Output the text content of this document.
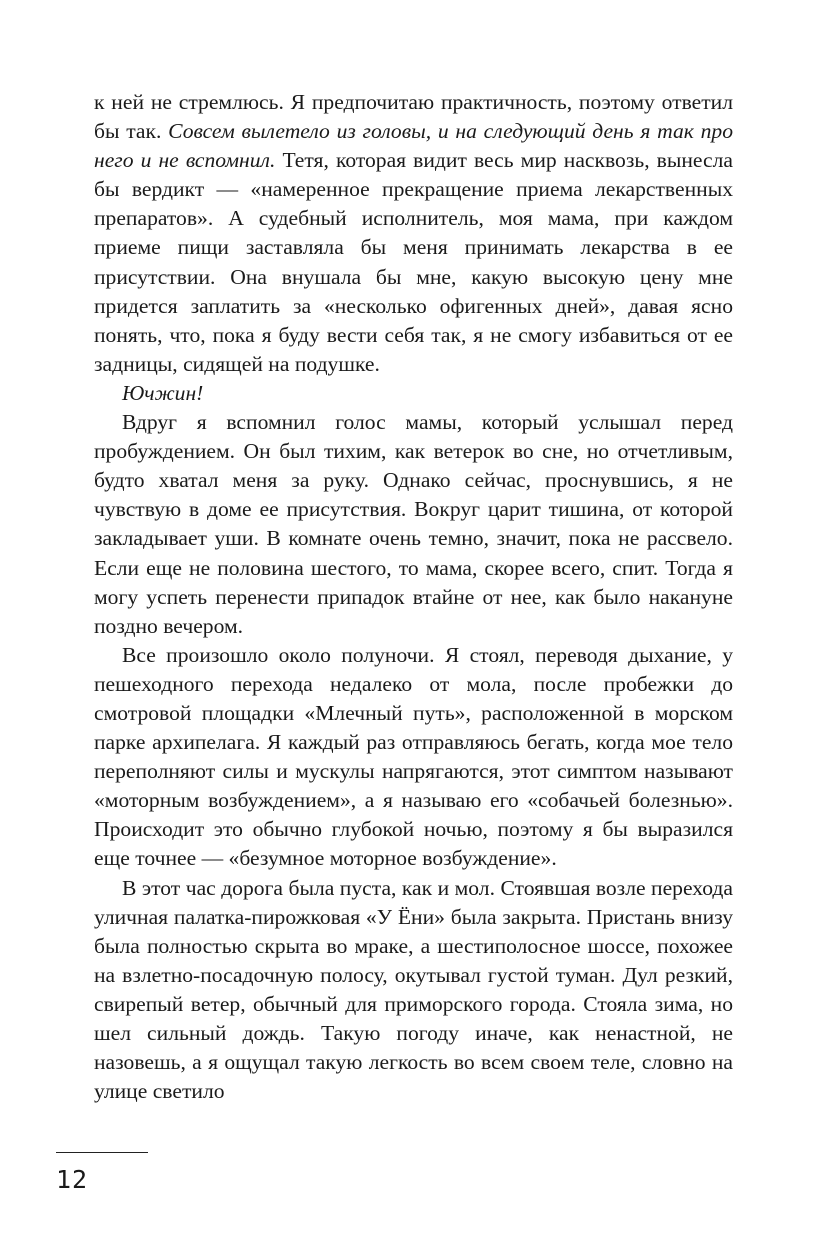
к ней не стремлюсь. Я предпочитаю практичность, поэтому ответил бы так. Совсем вылетело из головы, и на следующий день я так про него и не вспомнил. Тетя, которая видит весь мир насквозь, вынесла бы вердикт — «намеренное прекращение приема лекарственных препаратов». А судебный исполнитель, моя мама, при каждом приеме пищи заставляла бы меня принимать лекарства в ее присутствии. Она внушала бы мне, какую высокую цену мне придется заплатить за «несколько офигенных дней», давая ясно понять, что, пока я буду вести себя так, я не смогу избавиться от ее задницы, сидящей на подушке.

Ючжин!

Вдруг я вспомнил голос мамы, который услышал перед пробуждением. Он был тихим, как ветерок во сне, но отчетливым, будто хватал меня за руку. Однако сейчас, проснувшись, я не чувствую в доме ее присутствия. Вокруг царит тишина, от которой закладывает уши. В комнате очень темно, значит, пока не рассвело. Если еще не половина шестого, то мама, скорее всего, спит. Тогда я могу успеть перенести припадок втайне от нее, как было накануне поздно вечером.

Все произошло около полуночи. Я стоял, переводя дыхание, у пешеходного перехода недалеко от мола, после пробежки до смотровой площадки «Млечный путь», расположенной в морском парке архипелага. Я каждый раз отправляюсь бегать, когда мое тело переполняют силы и мускулы напрягаются, этот симптом называют «моторным возбуждением», а я называю его «собачьей болезнью». Происходит это обычно глубокой ночью, поэтому я бы выразился еще точнее — «безумное моторное возбуждение».

В этот час дорога была пуста, как и мол. Стоявшая возле перехода уличная палатка-пирожковая «У Ёни» была закрыта. Пристань внизу была полностью скрыта во мраке, а шестиполосное шоссе, похожее на взлетно-посадочную полосу, окутывал густой туман. Дул резкий, свирепый ветер, обычный для приморского города. Стояла зима, но шел сильный дождь. Такую погоду иначе, как ненастной, не назовешь, а я ощущал такую легкость во всем своем теле, словно на улице светило

12
